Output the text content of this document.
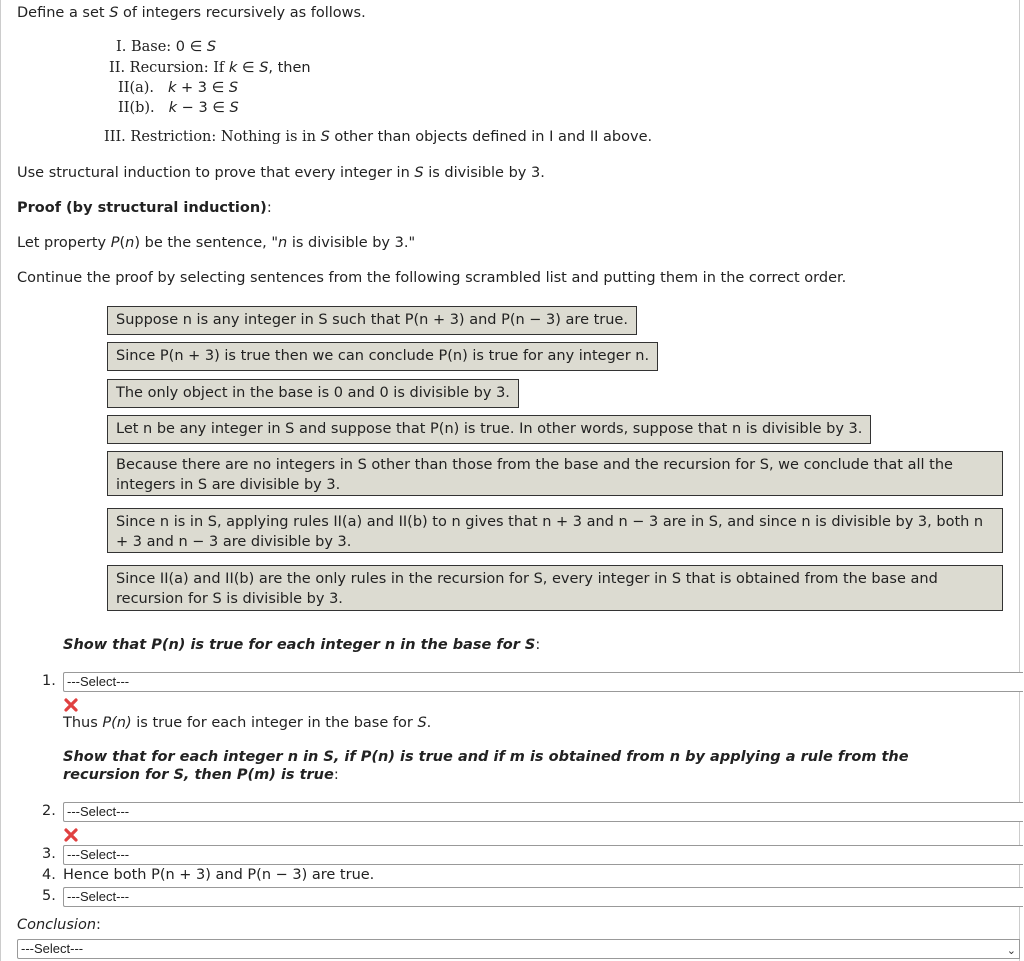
Define a set S of integers recursively as follows.
I. Base: 0 ∈ S
II. Recursion: If k ∈ S, then
II(a). k + 3 ∈ S
II(b). k − 3 ∈ S
III. Restriction: Nothing is in S other than objects defined in I and II above.
Use structural induction to prove that every integer in S is divisible by 3.
Proof (by structural induction):
Let property P(n) be the sentence, "n is divisible by 3."
Continue the proof by selecting sentences from the following scrambled list and putting them in the correct order.
Suppose n is any integer in S such that P(n + 3) and P(n − 3) are true.
Since P(n + 3) is true then we can conclude P(n) is true for any integer n.
The only object in the base is 0 and 0 is divisible by 3.
Let n be any integer in S and suppose that P(n) is true. In other words, suppose that n is divisible by 3.
Because there are no integers in S other than those from the base and the recursion for S, we conclude that all the integers in S are divisible by 3.
Since n is in S, applying rules II(a) and II(b) to n gives that n + 3 and n − 3 are in S, and since n is divisible by 3, both n + 3 and n − 3 are divisible by 3.
Since II(a) and II(b) are the only rules in the recursion for S, every integer in S that is obtained from the base and recursion for S is divisible by 3.
Show that P(n) is true for each integer n in the base for S:
1. ---Select---
Thus P(n) is true for each integer in the base for S.
Show that for each integer n in S, if P(n) is true and if m is obtained from n by applying a rule from the
recursion for S, then P(m) is true:
2. ---Select---
3. ---Select---
4. Hence both P(n + 3) and P(n − 3) are true.
5. ---Select---
Conclusion:
---Select---	⌄
